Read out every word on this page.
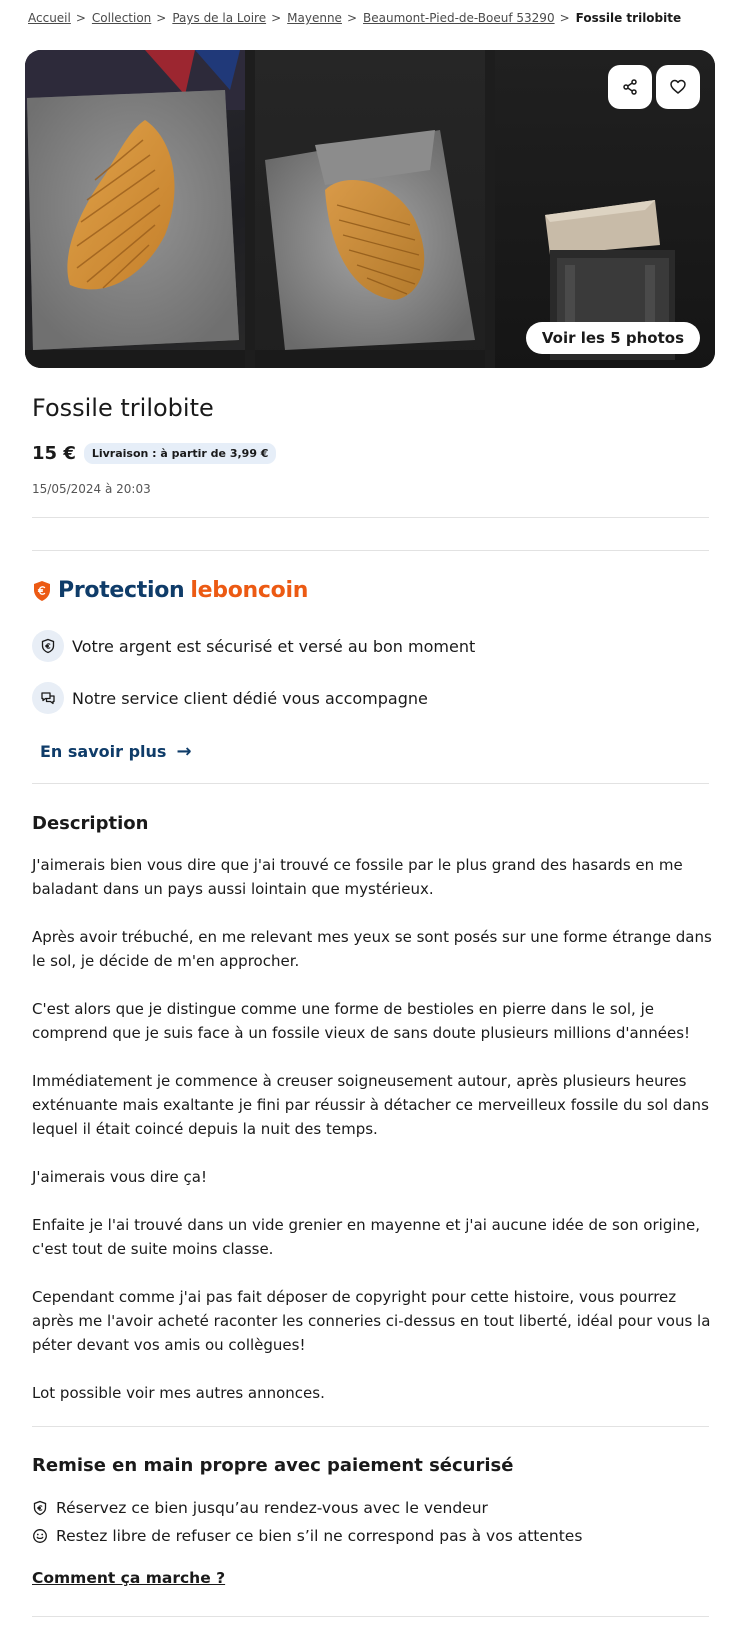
Accueil > Collection > Pays de la Loire > Mayenne > Beaumont-Pied-de-Boeuf 53290 > Fossile trilobite
Voir les 5 photos
Fossile trilobite
15 €	Livraison : à partir de 3,99 €
15/05/2024 à 20:03
Protection leboncoin
Votre argent est sécurisé et versé au bon moment
Notre service client dédié vous accompagne
En savoir plus →
Description

J'aimerais bien vous dire que j'ai trouvé ce fossile par le plus grand des hasards en me baladant dans un pays aussi lointain que mystérieux.

Après avoir trébuché, en me relevant mes yeux se sont posés sur une forme étrange dans le sol, je décide de m'en approcher.

C'est alors que je distingue comme une forme de bestioles en pierre dans le sol, je comprend que je suis face à un fossile vieux de sans doute plusieurs millions d'années!

Immédiatement je commence à creuser soigneusement autour, après plusieurs heures exténuante mais exaltante je fini par réussir à détacher ce merveilleux fossile du sol dans lequel il était coincé depuis la nuit des temps.

J'aimerais vous dire ça!

Enfaite je l'ai trouvé dans un vide grenier en mayenne et j'ai aucune idée de son origine, c'est tout de suite moins classe.

Cependant comme j'ai pas fait déposer de copyright pour cette histoire, vous pourrez après me l'avoir acheté raconter les conneries ci-dessus en tout liberté, idéal pour vous la péter devant vos amis ou collègues!

Lot possible voir mes autres annonces.

Remise en main propre avec paiement sécurisé
Réservez ce bien jusqu’au rendez-vous avec le vendeur
Restez libre de refuser ce bien s’il ne correspond pas à vos attentes
Comment ça marche ?
